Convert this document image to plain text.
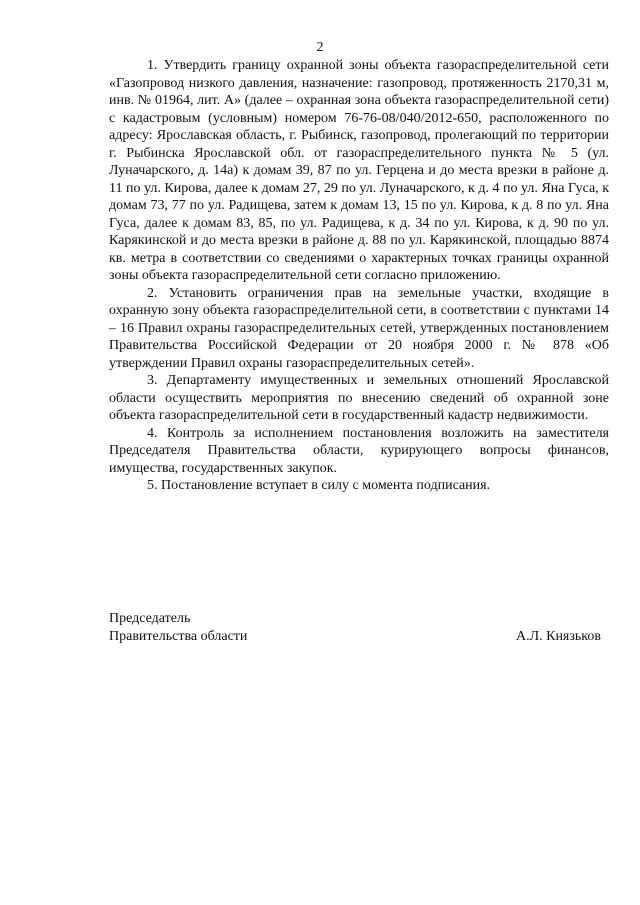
2

1. Утвердить границу охранной зоны объекта газораспределительной сети «Газопровод низкого давления, назначение: газопровод, протяженность 2170,31 м, инв. № 01964, лит. А» (далее – охранная зона объекта газораспределительной сети) с кадастровым (условным) номером 76-76-08/040/2012-650, расположенного по адресу: Ярославская область, г. Рыбинск, газопровод, пролегающий по территории г. Рыбинска Ярославской обл. от газораспределительного пункта № 5 (ул. Луначарского, д. 14а) к домам 39, 87 по ул. Герцена и до места врезки в районе д. 11 по ул. Кирова, далее к домам 27, 29 по ул. Луначарского, к д. 4 по ул. Яна Гуса, к домам 73, 77 по ул. Радищева, затем к домам 13, 15 по ул. Кирова, к д. 8 по ул. Яна Гуса, далее к домам 83, 85, по ул. Радищева, к д. 34 по ул. Кирова, к д. 90 по ул. Карякинской и до места врезки в районе д. 88 по ул. Карякинской, площадью 8874 кв. метра в соответствии со сведениями о характерных точках границы охранной зоны объекта газораспределительной сети согласно приложению.

2. Установить ограничения прав на земельные участки, входящие в охранную зону объекта газораспределительной сети, в соответствии с пунктами 14 – 16 Правил охраны газораспределительных сетей, утвержденных постановлением Правительства Российской Федерации от 20 ноября 2000 г. № 878 «Об утверждении Правил охраны газораспределительных сетей».

3. Департаменту имущественных и земельных отношений Ярославской области осуществить мероприятия по внесению сведений об охранной зоне объекта газораспределительной сети в государственный кадастр недвижимости.

4. Контроль за исполнением постановления возложить на заместителя Председателя Правительства области, курирующего вопросы финансов, имущества, государственных закупок.

5. Постановление вступает в силу с момента подписания.

Председатель
Правительства области	А.Л. Князьков
